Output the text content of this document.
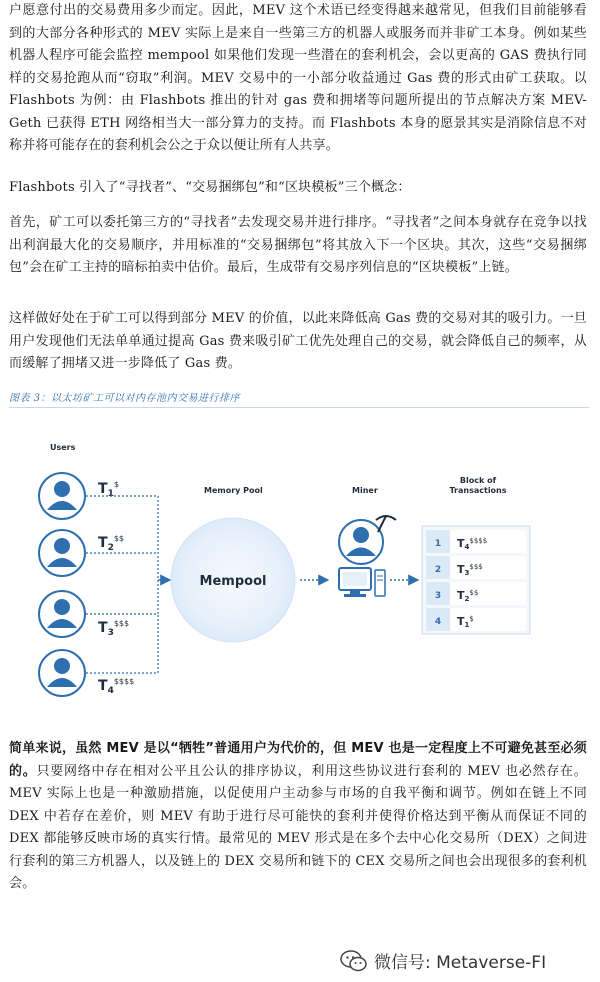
户愿意付出的交易费用多少而定。因此，MEV 这个术语已经变得越来越常见，但我们目前能够看到的大部分各种形式的 MEV 实际上是来自一些第三方的机器人或服务而并非矿工本身。例如某些机器人程序可能会监控 mempool 如果他们发现一些潜在的套利机会，会以更高的 GAS 费执行同样的交易抢跑从而“窃取”利润。MEV 交易中的一小部分收益通过 Gas 费的形式由矿工获取。以 Flashbots 为例：由 Flashbots 推出的针对 gas 费和拥堵等问题所提出的节点解决方案 MEV-Geth 已获得 ETH 网络相当大一部分算力的支持。而 Flashbots 本身的愿景其实是消除信息不对称并将可能存在的套利机会公之于众以便让所有人共享。

Flashbots 引入了“寻找者”、“交易捆绑包”和“区块模板”三个概念：

首先，矿工可以委托第三方的“寻找者”去发现交易并进行排序。“寻找者”之间本身就存在竞争以找出利润最大化的交易顺序，并用标准的“交易捆绑包”将其放入下一个区块。其次，这些“交易捆绑包”会在矿工主持的暗标拍卖中估价。最后，生成带有交易序列信息的“区块模板”上链。

这样做好处在于矿工可以得到部分 MEV 的价值，以此来降低高 Gas 费的交易对其的吸引力。一旦用户发现他们无法单单通过提高 Gas 费来吸引矿工优先处理自己的交易，就会降低自己的频率，从而缓解了拥堵又进一步降低了 Gas 费。

图表 3：以太坊矿工可以对内存池内交易进行排序
Users
Memory Pool	Miner
Block of
Transactions
$T_1^{\$}$
$T_2^{\$\$}$
$T_3^{\$\$\$}$
$T_4^{\$\$\$\$}$
Mempool
1 T4$$$$
2 T3$$$
3 T2$$
4 T1$

简单来说，虽然 MEV 是以“牺牲”普通用户为代价的，但 MEV 也是一定程度上不可避免甚至必须的。只要网络中存在相对公平且公认的排序协议，利用这些协议进行套利的 MEV 也必然存在。MEV 实际上也是一种激励措施，以促使用户主动参与市场的自我平衡和调节。例如在链上不同 DEX 中若存在差价，则 MEV 有助于进行尽可能快的套利并使得价格达到平衡从而保证不同的 DEX 都能够反映市场的真实行情。最常见的 MEV 形式是在多个去中心化交易所（DEX）之间进行套利的第三方机器人，以及链上的 DEX 交易所和链下的 CEX 交易所之间也会出现很多的套利机会。

微信号: Metaverse-FI
